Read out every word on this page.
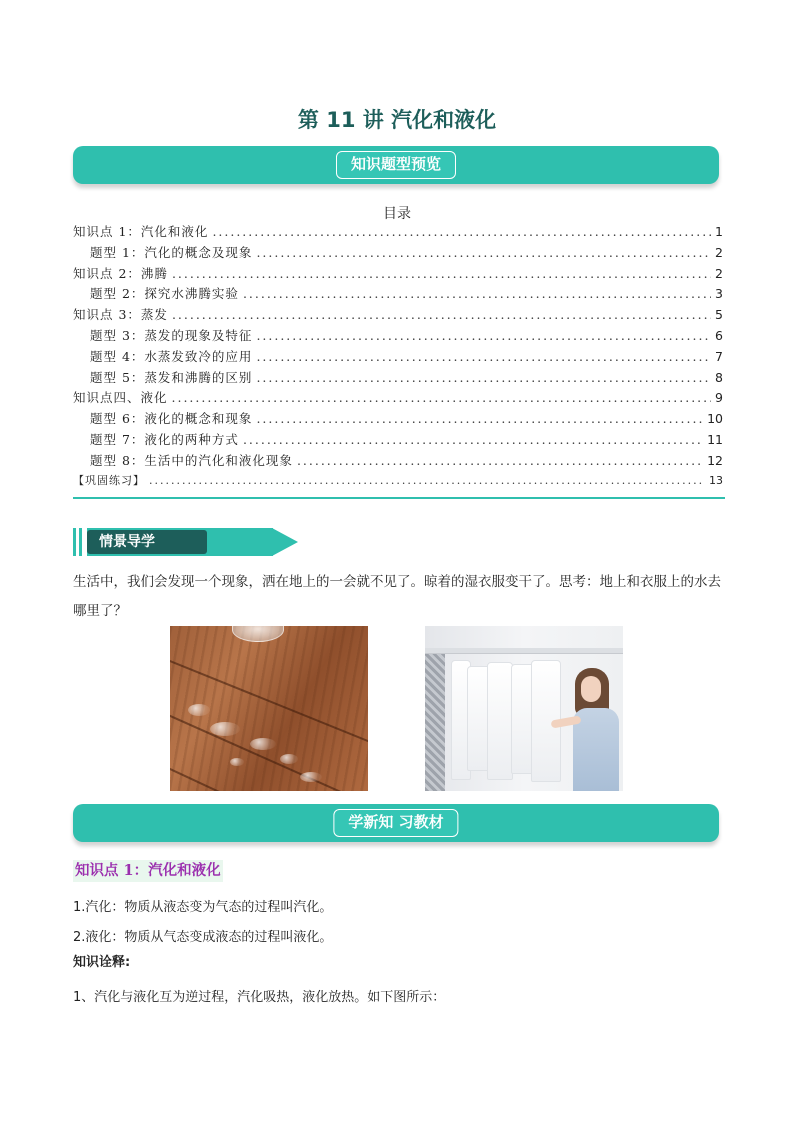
第 11 讲 汽化和液化
知识题型预览
目录
知识点 1：汽化和液化 .....	1
题型 1：汽化的概念及现象 .....	2
知识点 2：沸腾 .....	2
题型 2：探究水沸腾实验 .....	3
知识点 3：蒸发 .....	5
题型 3：蒸发的现象及特征 .....	6
题型 4：水蒸发致冷的应用 .....	7
题型 5：蒸发和沸腾的区别 .....	8
知识点四、液化 .....	9
题型 6：液化的概念和现象 .....	10
题型 7：液化的两种方式 .....	11
题型 8：生活中的汽化和液化现象 .....	12
【巩固练习】 .....	13
情景导学
生活中，我们会发现一个现象，洒在地上的一会就不见了。晾着的湿衣服变干了。思考：地上和衣服上的水去哪里了？
学新知 习教材
知识点 1：汽化和液化
1.汽化：物质从液态变为气态的过程叫汽化。
2.液化：物质从气态变成液态的过程叫液化。
知识诠释:
1、汽化与液化互为逆过程，汽化吸热，液化放热。如下图所示：
